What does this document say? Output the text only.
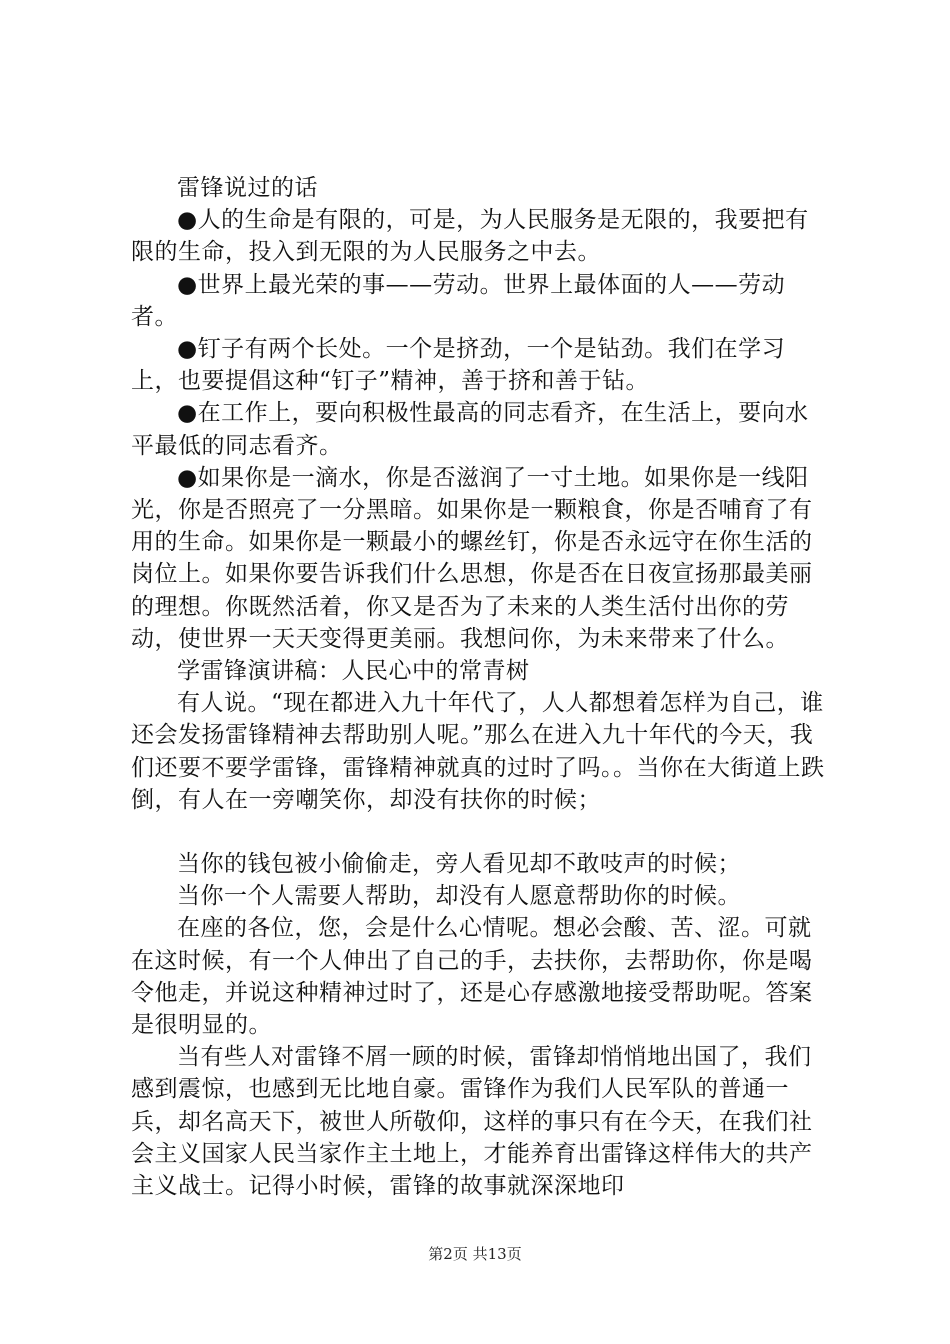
雷锋说过的话

●人的生命是有限的，可是，为人民服务是无限的，我要把有限的生命，投入到无限的为人民服务之中去。

●世界上最光荣的事——劳动。世界上最体面的人——劳动者。

●钉子有两个长处。一个是挤劲，一个是钻劲。我们在学习上，也要提倡这种“钉子”精神，善于挤和善于钻。

●在工作上，要向积极性最高的同志看齐，在生活上，要向水平最低的同志看齐。

●如果你是一滴水，你是否滋润了一寸土地。如果你是一线阳光，你是否照亮了一分黑暗。如果你是一颗粮食，你是否哺育了有用的生命。如果你是一颗最小的螺丝钉，你是否永远守在你生活的岗位上。如果你要告诉我们什么思想，你是否在日夜宣扬那最美丽的理想。你既然活着，你又是否为了未来的人类生活付出你的劳动，使世界一天天变得更美丽。我想问你，为未来带来了什么。

学雷锋演讲稿：人民心中的常青树

有人说。“现在都进入九十年代了，人人都想着怎样为自己，谁还会发扬雷锋精神去帮助别人呢。”那么在进入九十年代的今天，我们还要不要学雷锋，雷锋精神就真的过时了吗。。当你在大街道上跌倒，有人在一旁嘲笑你，却没有扶你的时候；

当你的钱包被小偷偷走，旁人看见却不敢吱声的时候；

当你一个人需要人帮助，却没有人愿意帮助你的时候。

在座的各位，您，会是什么心情呢。想必会酸、苦、涩。可就在这时候，有一个人伸出了自己的手，去扶你，去帮助你，你是喝令他走，并说这种精神过时了，还是心存感激地接受帮助呢。答案是很明显的。

当有些人对雷锋不屑一顾的时候，雷锋却悄悄地出国了，我们感到震惊，也感到无比地自豪。雷锋作为我们人民军队的普通一兵，却名高天下，被世人所敬仰，这样的事只有在今天，在我们社会主义国家人民当家作主土地上，才能养育出雷锋这样伟大的共产主义战士。记得小时候，雷锋的故事就深深地印

第2页 共13页
